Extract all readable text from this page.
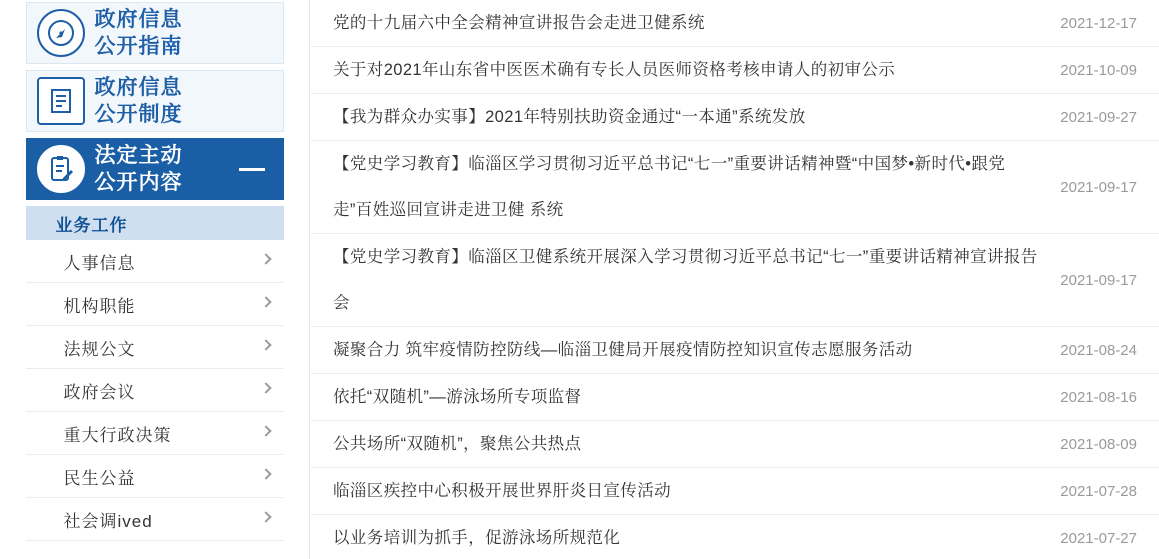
政府信息
公开指南
政府信息
公开制度
法定主动
公开内容
业务工作
人事信息
机构职能
法规公文
政府会议
重大行政决策
民生公益
社会调ived
党的十九届六中全会精神宣讲报告会走进卫健系统	2021-12-17
关于对2021年山东省中医医术确有专长人员医师资格考核申请人的初审公示	2021-10-09
【我为群众办实事】2021年特别扶助资金通过“一本通”系统发放	2021-09-27
【党史学习教育】临淄区学习贯彻习近平总书记“七一”重要讲话精神暨“中国梦•新时代•跟党走”百姓巡回宣讲走进卫健 系统
2021-09-17
【党史学习教育】临淄区卫健系统开展深入学习贯彻习近平总书记“七一”重要讲话精神宣讲报告会
2021-09-17
凝聚合力 筑牢疫情防控防线—临淄卫健局开展疫情防控知识宣传志愿服务活动	2021-08-24
依托“双随机”—游泳场所专项监督	2021-08-16
公共场所“双随机”，聚焦公共热点	2021-08-09
临淄区疾控中心积极开展世界肝炎日宣传活动	2021-07-28
以业务培训为抓手，促游泳场所规范化	2021-07-27
